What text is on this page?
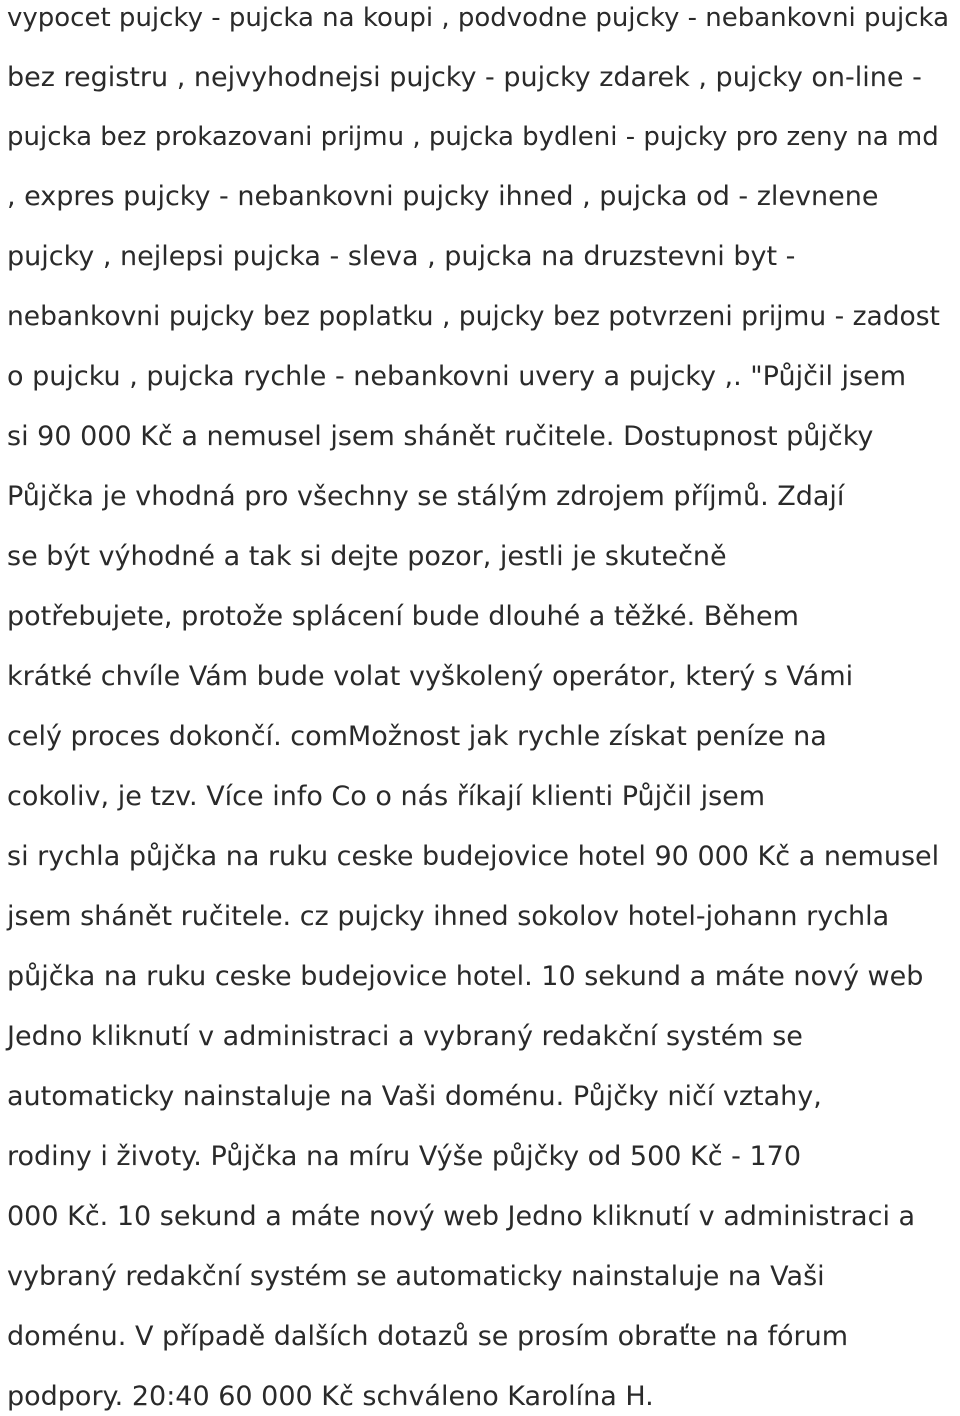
vypocet pujcky - pujcka na koupi , podvodne pujcky - nebankovni pujcka
bez registru , nejvyhodnejsi pujcky - pujcky zdarek , pujcky on-line -
pujcka bez prokazovani prijmu , pujcka bydleni - pujcky pro zeny na md
, expres pujcky - nebankovni pujcky ihned , pujcka od - zlevnene
pujcky , nejlepsi pujcka - sleva , pujcka na druzstevni byt -
nebankovni pujcky bez poplatku , pujcky bez potvrzeni prijmu - zadost
o pujcku , pujcka rychle - nebankovni uvery a pujcky ,. "Půjčil jsem
si 90 000 Kč a nemusel jsem shánět ručitele. Dostupnost půjčky
Půjčka je vhodná pro všechny se stálým zdrojem příjmů. Zdají
se být výhodné a tak si dejte pozor, jestli je skutečně
potřebujete, protože splácení bude dlouhé a těžké. Během
krátké chvíle Vám bude volat vyškolený operátor, který s Vámi
celý proces dokončí. comMožnost jak rychle získat peníze na
cokoliv, je tzv. Více info Co o nás říkají klienti Půjčil jsem
si rychla půjčka na ruku ceske budejovice hotel 90 000 Kč a nemusel
jsem shánět ručitele. cz pujcky ihned sokolov hotel-johann rychla
půjčka na ruku ceske budejovice hotel. 10 sekund a máte nový web
Jedno kliknutí v administraci a vybraný redakční systém se
automaticky nainstaluje na Vaši doménu. Půjčky ničí vztahy,
rodiny i životy. Půjčka na míru Výše půjčky od 500 Kč - 170
000 Kč. 10 sekund a máte nový web Jedno kliknutí v administraci a
vybraný redakční systém se automaticky nainstaluje na Vaši
doménu. V případě dalších dotazů se prosím obraťte na fórum
podpory. 20:40 60 000 Kč schváleno Karolína H.
